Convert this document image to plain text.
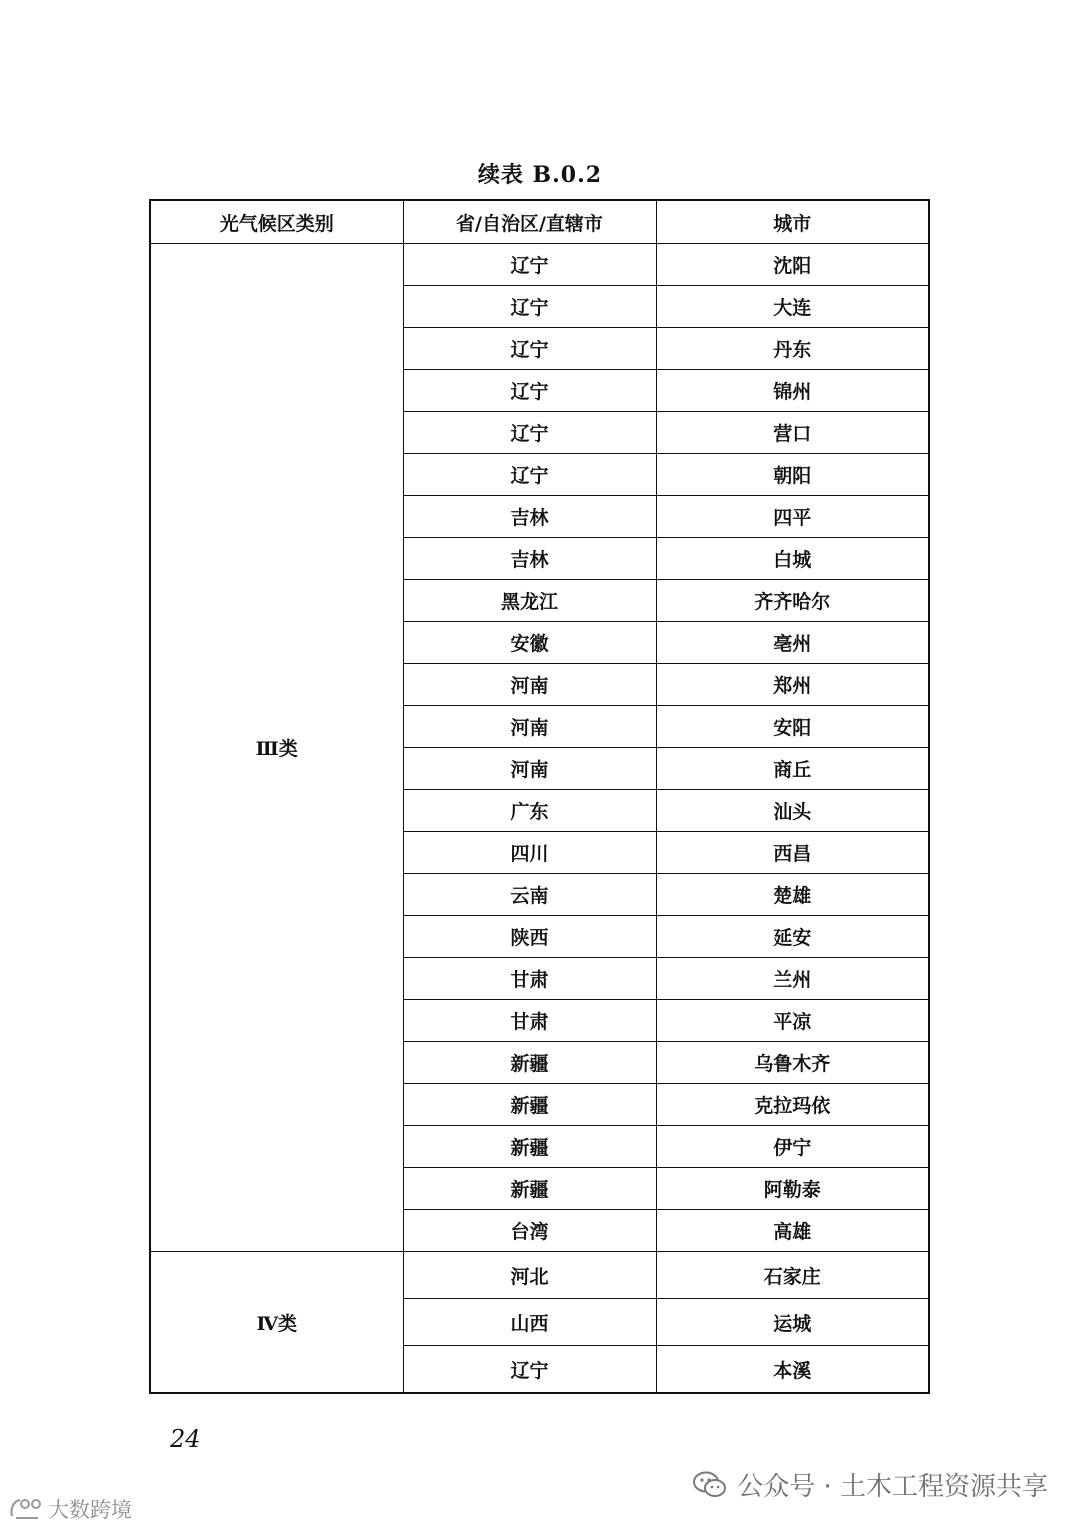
续表 B.0.2
光气候区类别	省/自治区/直辖市	城市
Ⅲ类	辽宁	沈阳
	辽宁	大连
	辽宁	丹东
	辽宁	锦州
	辽宁	营口
	辽宁	朝阳
	吉林	四平
	吉林	白城
	黑龙江	齐齐哈尔
	安徽	亳州
	河南	郑州
	河南	安阳
	河南	商丘
	广东	汕头
	四川	西昌
	云南	楚雄
	陕西	延安
	甘肃	兰州
	甘肃	平凉
	新疆	乌鲁木齐
	新疆	克拉玛依
	新疆	伊宁
	新疆	阿勒泰
	台湾	高雄
Ⅳ类	河北	石家庄
	山西	运城
	辽宁	本溪
24
公众号 · 土木工程资源共享
大数跨境
